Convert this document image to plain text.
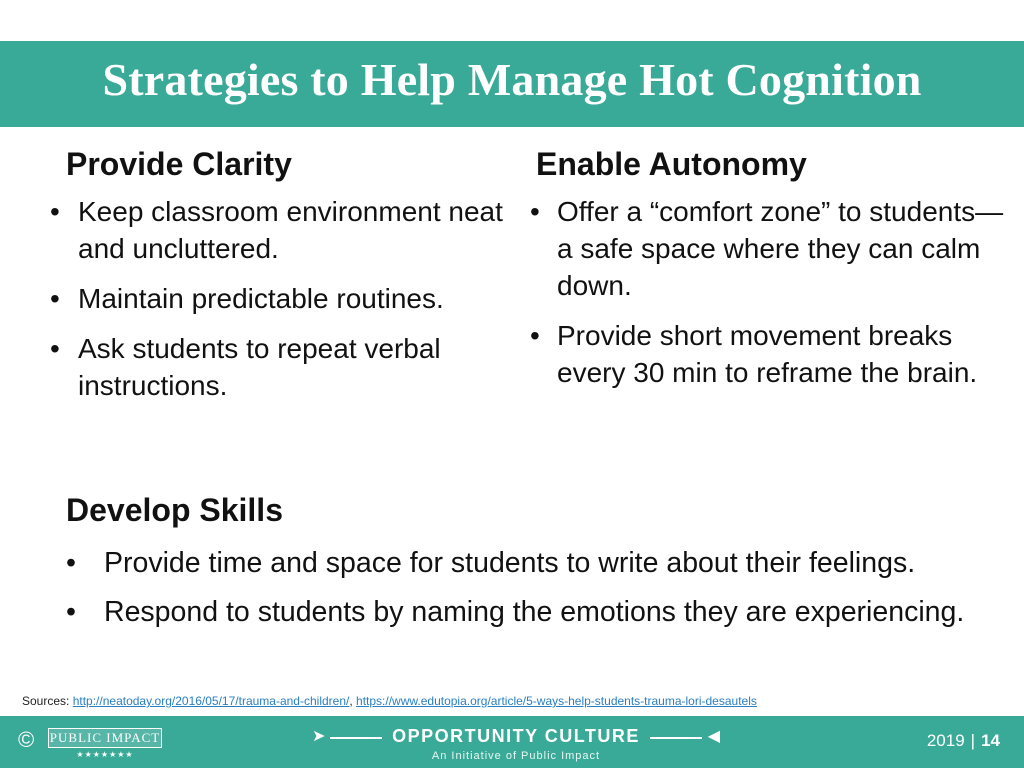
Strategies to Help Manage Hot Cognition
Provide Clarity
• Keep classroom environment neat and uncluttered.
• Maintain predictable routines.
• Ask students to repeat verbal instructions.
Enable Autonomy
• Offer a “comfort zone” to students—a safe space where they can calm down.
• Provide short movement breaks every 30 min to reframe the brain.
Develop Skills
• Provide time and space for students to write about their feelings.
• Respond to students by naming the emotions they are experiencing.
Sources: http://neatoday.org/2016/05/17/trauma-and-children/, https://www.edutopia.org/article/5-ways-help-students-trauma-lori-desautels
© PUBLIC IMPACT
★★★★★★★
➤	◀
OPPORTUNITY CULTURE
An Initiative of Public Impact
2019 | 14
